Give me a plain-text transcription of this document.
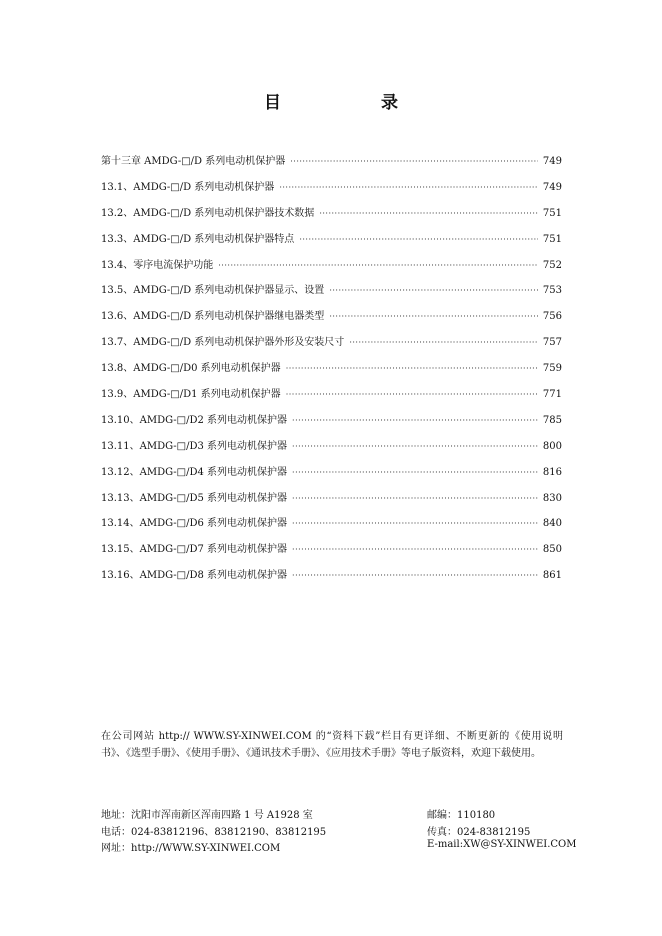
目	录
第十三章 AMDG-□/D 系列电动机保护器 ·····	749
13.1、AMDG-□/D 系列电动机保护器 ·····	749
13.2、AMDG-□/D 系列电动机保护器技术数据 ·····	751
13.3、AMDG-□/D 系列电动机保护器特点 ·····	751
13.4、零序电流保护功能 ·····	752
13.5、AMDG-□/D 系列电动机保护器显示、设置 ·····	753
13.6、AMDG-□/D 系列电动机保护器继电器类型 ·····	756
13.7、AMDG-□/D 系列电动机保护器外形及安装尺寸 ·····	757
13.8、AMDG-□/D0 系列电动机保护器 ·····	759
13.9、AMDG-□/D1 系列电动机保护器 ·····	771
13.10、AMDG-□/D2 系列电动机保护器 ·····	785
13.11、AMDG-□/D3 系列电动机保护器 ·····	800
13.12、AMDG-□/D4 系列电动机保护器 ·····	816
13.13、AMDG-□/D5 系列电动机保护器 ·····	830
13.14、AMDG-□/D6 系列电动机保护器 ·····	840
13.15、AMDG-□/D7 系列电动机保护器 ·····	850
13.16、AMDG-□/D8 系列电动机保护器 ·····	861
在公司网站 http:// WWW.SY-XINWEI.COM 的“资料下载”栏目有更详细、不断更新的《使用说明书》、《选型手册》、《使用手册》、《通讯技术手册》、《应用技术手册》等电子版资料，欢迎下载使用。
地址：沈阳市浑南新区浑南四路 1 号 A1928 室	邮编：110180
电话：024-83812196、83812190、83812195	传真：024-83812195
网址：http://WWW.SY-XINWEI.COM	E-mail:XW@SY-XINWEI.COM
